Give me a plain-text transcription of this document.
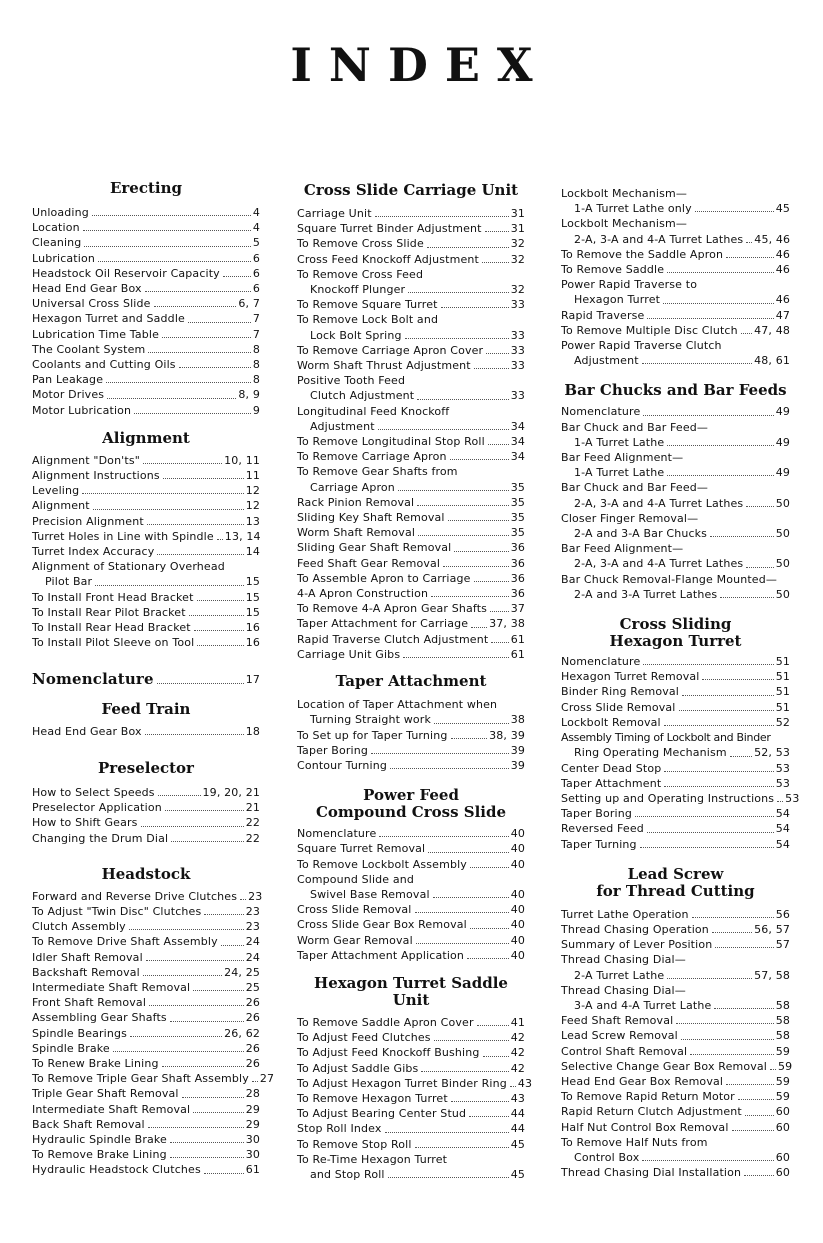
INDEX
Erecting
Unloading	4
Location	4
Cleaning	5
Lubrication	6
Headstock Oil Reservoir Capacity	6
Head End Gear Box	6
Universal Cross Slide	6, 7
Hexagon Turret and Saddle	7
Lubrication Time Table	7
The Coolant System	8
Coolants and Cutting Oils	8
Pan Leakage	8
Motor Drives	8, 9
Motor Lubrication	9
Alignment
Alignment "Don'ts"	10, 11
Alignment Instructions	11
Leveling	12
Alignment	12
Precision Alignment	13
Turret Holes in Line with Spindle 13, 14
Turret Index Accuracy	14
Alignment of Stationary Overhead
Pilot Bar	15
To Install Front Head Bracket	15
To Install Rear Pilot Bracket	15
To Install Rear Head Bracket	16
To Install Pilot Sleeve on Tool	16
Nomenclature	17
Feed Train
Head End Gear Box	18
Preselector
How to Select Speeds	19, 20, 21
Preselector Application	21
How to Shift Gears	22
Changing the Drum Dial	22
Headstock
Forward and Reverse Drive Clutches 23
To Adjust "Twin Disc" Clutches	23
Clutch Assembly	23
To Remove Drive Shaft Assembly	24
Idler Shaft Removal	24
Backshaft Removal	24, 25
Intermediate Shaft Removal	25
Front Shaft Removal	26
Assembling Gear Shafts	26
Spindle Bearings	26, 62
Spindle Brake	26
To Renew Brake Lining	26
To Remove Triple Gear Shaft Assembly 27
Triple Gear Shaft Removal	28
Intermediate Shaft Removal	29
Back Shaft Removal	29
Hydraulic Spindle Brake	30
To Remove Brake Lining	30
Hydraulic Headstock Clutches	61
Cross Slide Carriage Unit
Carriage Unit	31
Square Turret Binder Adjustment	31
To Remove Cross Slide	32
Cross Feed Knockoff Adjustment	32
To Remove Cross Feed
Knockoff Plunger	32
To Remove Square Turret	33
To Remove Lock Bolt and
Lock Bolt Spring	33
To Remove Carriage Apron Cover 33
Worm Shaft Thrust Adjustment	33
Positive Tooth Feed
Clutch Adjustment	33
Longitudinal Feed Knockoff
Adjustment	34
To Remove Longitudinal Stop Roll 34
To Remove Carriage Apron	34
To Remove Gear Shafts from
Carriage Apron	35
Rack Pinion Removal	35
Sliding Key Shaft Removal	35
Worm Shaft Removal	35
Sliding Gear Shaft Removal	36
Feed Shaft Gear Removal	36
To Assemble Apron to Carriage	36
4-A Apron Construction	36
To Remove 4-A Apron Gear Shafts 37
Taper Attachment for Carriage 37, 38
Rapid Traverse Clutch Adjustment 61
Carriage Unit Gibs	61
Taper Attachment
Location of Taper Attachment when
Turning Straight work	38
To Set up for Taper Turning	38, 39
Taper Boring	39
Contour Turning	39
Power Feed
Compound Cross Slide
Nomenclature	40
Square Turret Removal	40
To Remove Lockbolt Assembly	40
Compound Slide and
Swivel Base Removal	40
Cross Slide Removal	40
Cross Slide Gear Box Removal	40
Worm Gear Removal	40
Taper Attachment Application	40
Hexagon Turret Saddle Unit
To Remove Saddle Apron Cover	41
To Adjust Feed Clutches	42
To Adjust Feed Knockoff Bushing	42
To Adjust Saddle Gibs	42
To Adjust Hexagon Turret Binder Ring 43
To Remove Hexagon Turret	43
To Adjust Bearing Center Stud	44
Stop Roll Index	44
To Remove Stop Roll	45
To Re-Time Hexagon Turret
and Stop Roll	45
Lockbolt Mechanism—
1-A Turret Lathe only	45
Lockbolt Mechanism—
2-A, 3-A and 4-A Turret Lathes 45, 46
To Remove the Saddle Apron	46
To Remove Saddle	46
Power Rapid Traverse to
Hexagon Turret	46
Rapid Traverse	47
To Remove Multiple Disc Clutch 47, 48
Power Rapid Traverse Clutch
Adjustment	48, 61
Bar Chucks and Bar Feeds
Nomenclature	49
Bar Chuck and Bar Feed—
1-A Turret Lathe	49
Bar Feed Alignment—
1-A Turret Lathe	49
Bar Chuck and Bar Feed—
2-A, 3-A and 4-A Turret Lathes	50
Closer Finger Removal—
2-A and 3-A Bar Chucks	50
Bar Feed Alignment—
2-A, 3-A and 4-A Turret Lathes	50
Bar Chuck Removal-Flange Mounted—
2-A and 3-A Turret Lathes	50
Cross Sliding
Hexagon Turret
Nomenclature	51
Hexagon Turret Removal	51
Binder Ring Removal	51
Cross Slide Removal	51
Lockbolt Removal	52
Assembly Timing of Lockbolt and Binder
Ring Operating Mechanism 52, 53
Center Dead Stop	53
Taper Attachment	53
Setting up and Operating Instructions 53
Taper Boring	54
Reversed Feed	54
Taper Turning	54
Lead Screw
for Thread Cutting
Turret Lathe Operation	56
Thread Chasing Operation	56, 57
Summary of Lever Position	57
Thread Chasing Dial—
2-A Turret Lathe	57, 58
Thread Chasing Dial—
3-A and 4-A Turret Lathe	58
Feed Shaft Removal	58
Lead Screw Removal	58
Control Shaft Removal	59
Selective Change Gear Box Removal 59
Head End Gear Box Removal	59
To Remove Rapid Return Motor	59
Rapid Return Clutch Adjustment	60
Half Nut Control Box Removal	60
To Remove Half Nuts from
Control Box	60
Thread Chasing Dial Installation	60
